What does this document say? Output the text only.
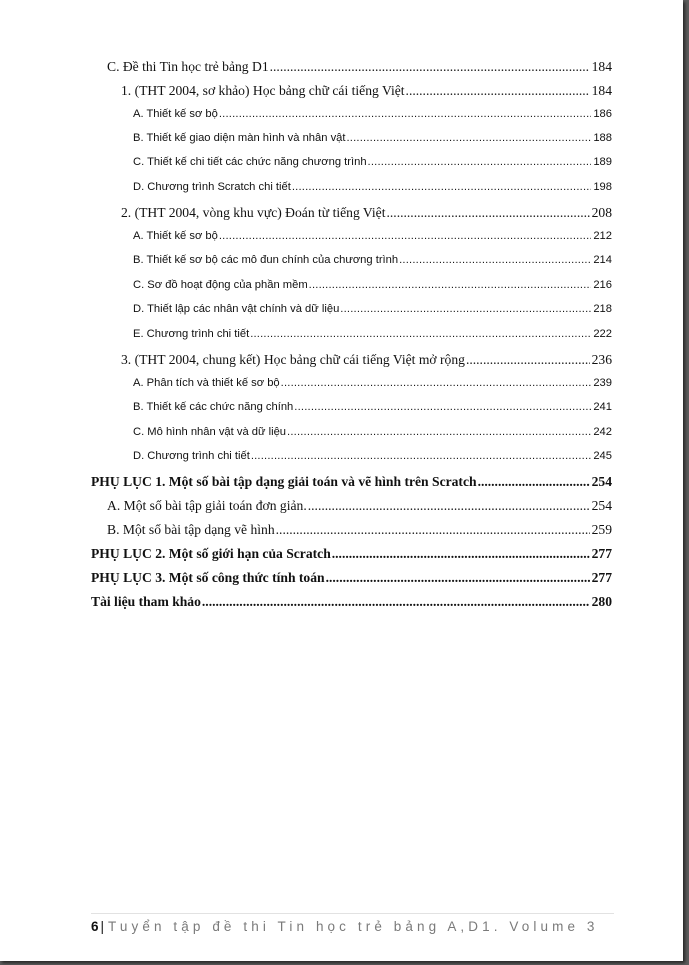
C. Đề thi Tin học trẻ bảng D1 .....	184
1. (THT 2004, sơ khảo) Học bảng chữ cái tiếng Việt .....	184
A. Thiết kế sơ bộ .....	186
B. Thiết kế giao diện màn hình và nhân vật .....	188
C. Thiết kế chi tiết các chức năng chương trình .....	189
D. Chương trình Scratch chi tiết .....	198
2. (THT 2004, vòng khu vực) Đoán từ tiếng Việt .....	208
A. Thiết kế sơ bộ .....	212
B. Thiết kế sơ bộ các mô đun chính của chương trình .....	214
C. Sơ đồ hoạt động của phần mềm .....	216
D. Thiết lập các nhân vật chính và dữ liệu .....	218
E. Chương trình chi tiết .....	222
3. (THT 2004, chung kết) Học bảng chữ cái tiếng Việt mở rộng .....	236
A. Phân tích và thiết kế sơ bộ .....	239
B. Thiết kế các chức năng chính .....	241
C. Mô hình nhân vật và dữ liệu .....	242
D. Chương trình chi tiết .....	245
PHỤ LỤC 1. Một số bài tập dạng giải toán và vẽ hình trên Scratch .....	254
A. Một số bài tập giải toán đơn giản. .....	254
B. Một số bài tập dạng vẽ hình .....	259
PHỤ LỤC 2. Một số giới hạn của Scratch .....	277
PHỤ LỤC 3. Một số công thức tính toán .....	277
Tài liệu tham khảo .....	280
6 | Tuyển tập đề thi Tin học trẻ bảng A,D1. Volume 3
